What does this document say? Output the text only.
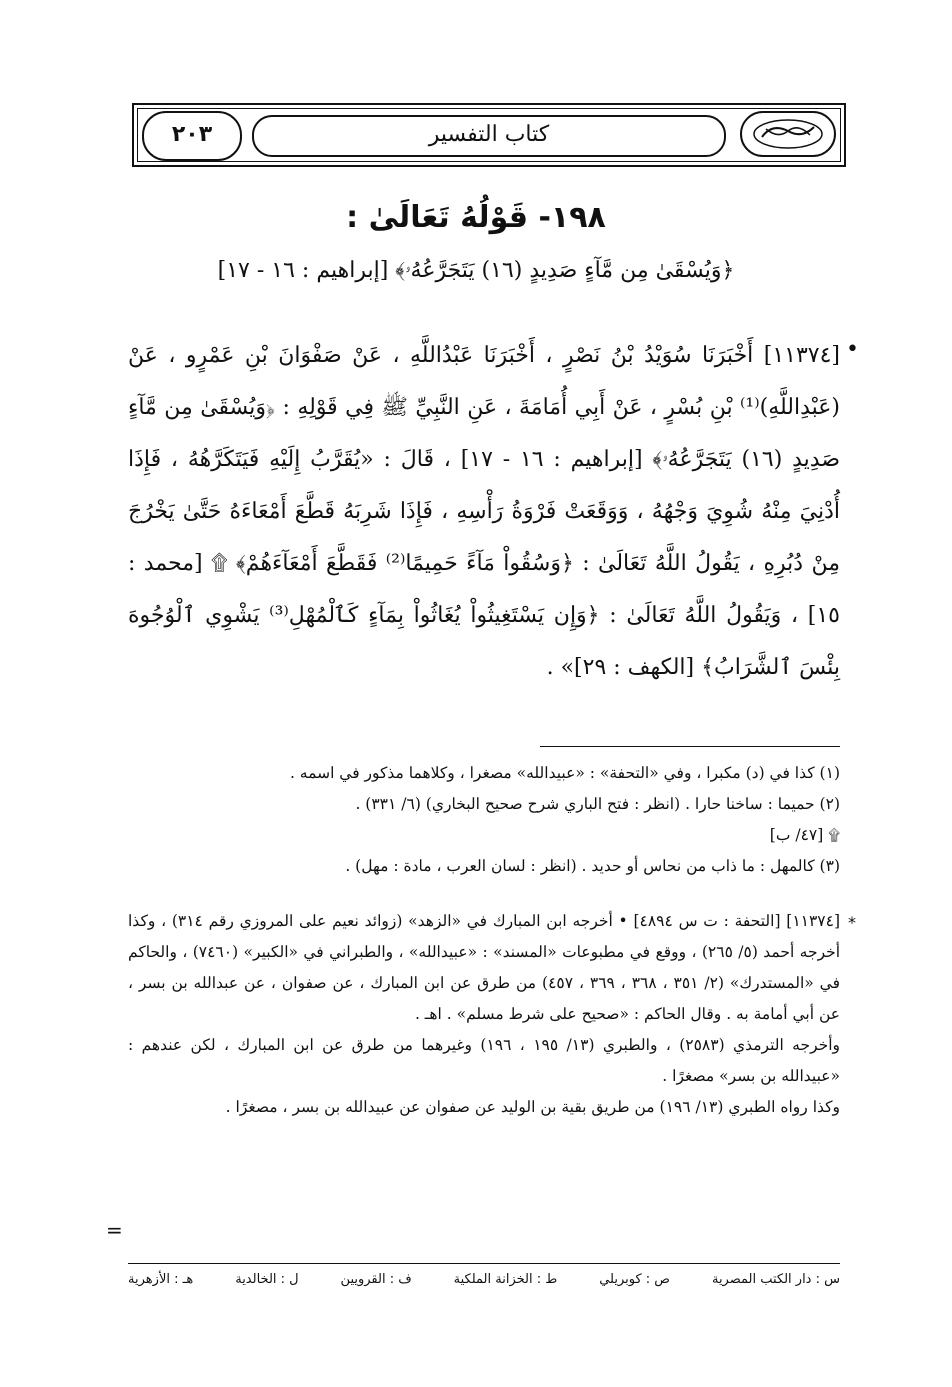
كتاب التفسير
٢٠٣
١٩٨- قَوْلُهُ تَعَالَىٰ :
﴿وَيُسْقَىٰ مِن مَّآءٍ صَدِيدٍ (١٦) يَتَجَرَّعُهُۥ﴾ [إبراهيم : ١٦ - ١٧]
•
[١١٣٧٤] أَخْبَرَنَا سُوَيْدُ بْنُ نَصْرٍ ، أَخْبَرَنَا عَبْدُاللَّهِ ، عَنْ صَفْوَانَ بْنِ عَمْرٍو ، عَنْ (عَبْدِاللَّهِ)⁽¹⁾ بْنِ بُسْرٍ ، عَنْ أَبِي أُمَامَةَ ، عَنِ النَّبِيِّ ﷺ فِي قَوْلِهِ : ﴿وَيُسْقَىٰ مِن مَّآءٍ صَدِيدٍ (١٦) يَتَجَرَّعُهُۥ﴾ [إبراهيم : ١٦ - ١٧] ، قَالَ : «يُقَرَّبُ إِلَيْهِ فَيَتَكَرَّهُهُ ، فَإِذَا أُدْنِيَ مِنْهُ شُوِيَ وَجْهُهُ ، وَوَقَعَتْ فَرْوَةُ رَأْسِهِ ، فَإِذَا شَرِبَهُ قَطَّعَ أَمْعَاءَهُ حَتَّىٰ يَخْرُجَ مِنْ دُبُرِهِ ، يَقُولُ اللَّهُ تَعَالَىٰ : ﴿وَسُقُواْ مَآءً حَمِيمًا⁽²⁾ فَقَطَّعَ أَمْعَآءَهُمْ﴾ ۩ [محمد : ١٥] ، وَيَقُولُ اللَّهُ تَعَالَىٰ : ﴿وَإِن يَسْتَغِيثُواْ يُغَاثُواْ بِمَآءٍ كَٱلْمُهْلِ⁽³⁾ يَشْوِي ٱلْوُجُوهَ بِئْسَ ٱلشَّرَابُ﴾ [الكهف : ٢٩]» .
(١) كذا في (د) مكبرا ، وفي «التحفة» : «عبيدالله» مصغرا ، وكلاهما مذكور في اسمه .
(٢) حميما : ساخنا حارا . (انظر : فتح الباري شرح صحيح البخاري) (٦/ ٣٣١) .
۩ [٤٧/ ب]
(٣) كالمهل : ما ذاب من نحاس أو حديد . (انظر : لسان العرب ، مادة : مهل) .
*

[١١٣٧٤] [التحفة : ت س ٤٨٩٤] • أخرجه ابن المبارك في «الزهد» (زوائد نعيم على المروزي رقم ٣١٤) ، وكذا أخرجه أحمد (٥/ ٢٦٥) ، ووقع في مطبوعات «المسند» : «عبيدالله» ، والطبراني في «الكبير» (٧٤٦٠) ، والحاكم في «المستدرك» (٢/ ٣٥١ ، ٣٦٨ ، ٣٦٩ ، ٤٥٧) من طرق عن ابن المبارك ، عن صفوان ، عن عبدالله بن بسر ، عن أبي أمامة به . وقال الحاكم : «صحيح على شرط مسلم» . اهـ .

وأخرجه الترمذي (٢٥٨٣) ، والطبري (١٣/ ١٩٥ ، ١٩٦) وغيرهما من طرق عن ابن المبارك ، لكن عندهم : «عبيدالله بن بسر» مصغرًا .

وكذا رواه الطبري (١٣/ ١٩٦) من طريق بقية بن الوليد عن صفوان عن عبيدالله بن بسر ، مصغرًا .

=
س : دار الكتب المصرية
ص : كوبريلي
ط : الخزانة الملكية
ف : القرويين
ل : الخالدية
هـ : الأزهرية
